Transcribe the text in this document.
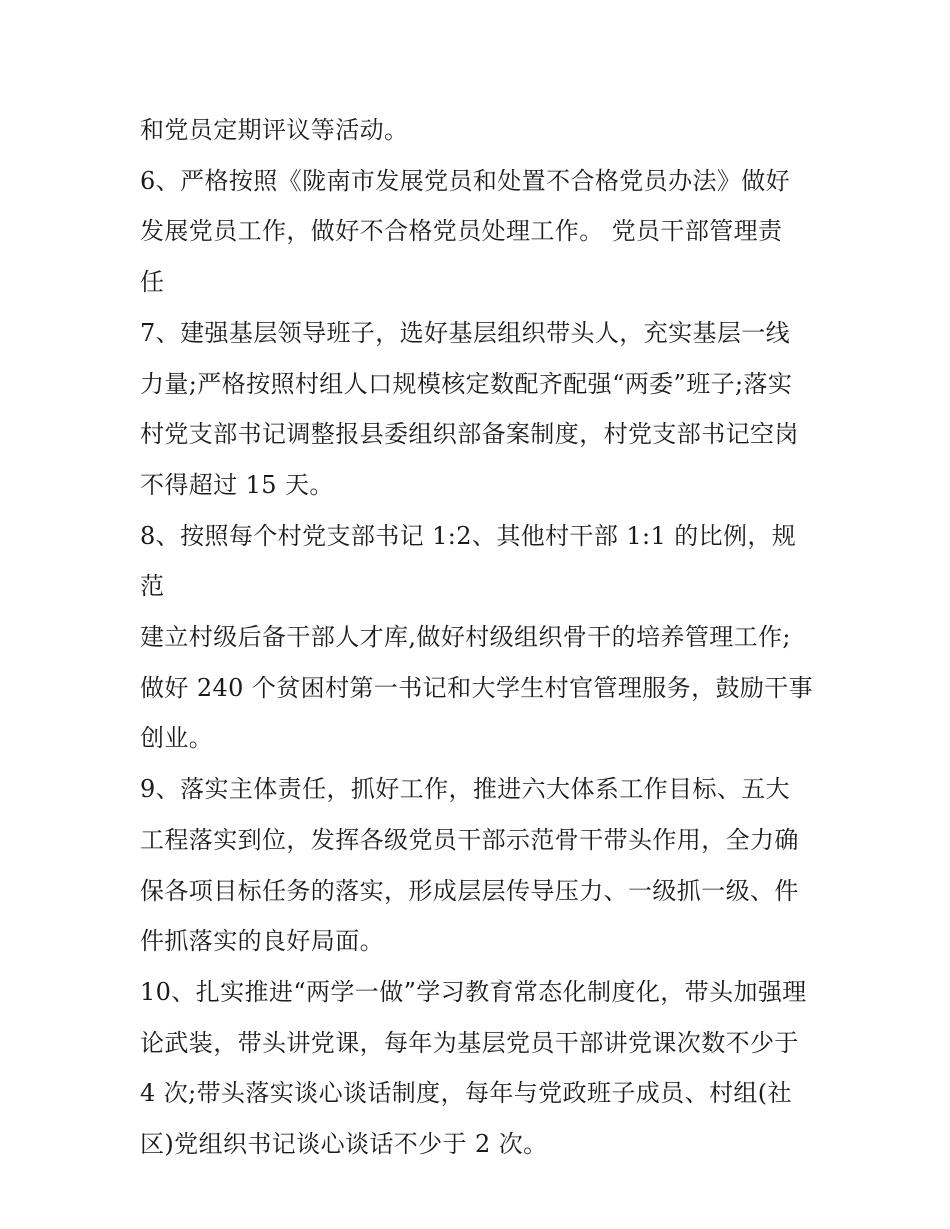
和党员定期评议等活动。

6、严格按照《陇南市发展党员和处置不合格党员办法》做好
发展党员工作，做好不合格党员处理工作。 党员干部管理责
任

7、建强基层领导班子，选好基层组织带头人，充实基层一线
力量;严格按照村组人口规模核定数配齐配强“两委”班子;落实
村党支部书记调整报县委组织部备案制度，村党支部书记空岗
不得超过 15 天。

8、按照每个村党支部书记 1:2、其他村干部 1:1 的比例，规范
建立村级后备干部人才库,做好村级组织骨干的培养管理工作;
做好 240 个贫困村第一书记和大学生村官管理服务，鼓励干事
创业。

9、落实主体责任，抓好工作，推进六大体系工作目标、五大
工程落实到位，发挥各级党员干部示范骨干带头作用，全力确
保各项目标任务的落实，形成层层传导压力、一级抓一级、件
件抓落实的良好局面。

10、扎实推进“两学一做”学习教育常态化制度化，带头加强理
论武装，带头讲党课，每年为基层党员干部讲党课次数不少于
4 次;带头落实谈心谈话制度，每年与党政班子成员、村组(社
区)党组织书记谈心谈话不少于 2 次。
